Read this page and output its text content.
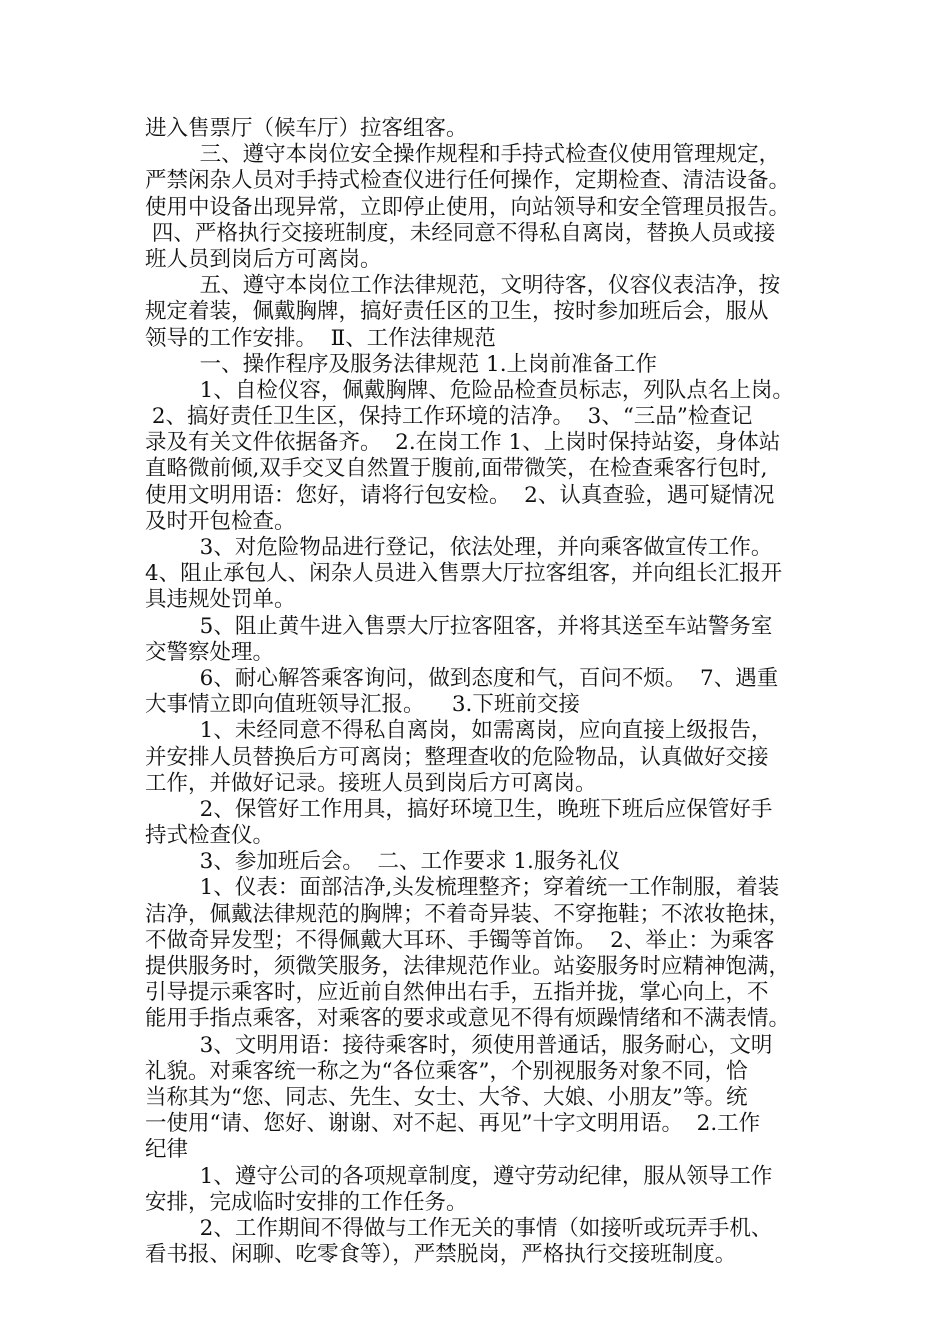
进入售票厅（候车厅）拉客组客。
三、遵守本岗位安全操作规程和手持式检查仪使用管理规定，
严禁闲杂人员对手持式检查仪进行任何操作，定期检查、清洁设备。
使用中设备出现异常，立即停止使用，向站领导和安全管理员报告。
四、严格执行交接班制度，未经同意不得私自离岗，替换人员或接
班人员到岗后方可离岗。
五、遵守本岗位工作法律规范，文明待客，仪容仪表洁净，按
规定着装，佩戴胸牌，搞好责任区的卫生，按时参加班后会，服从
领导的工作安排。  Ⅱ、工作法律规范
一、操作程序及服务法律规范 1.上岗前准备工作
1、自检仪容，佩戴胸牌、危险品检查员标志，列队点名上岗。
2、搞好责任卫生区，保持工作环境的洁净。  3、“三品”检查记
录及有关文件依据备齐。  2.在岗工作 1、上岗时保持站姿，身体站
直略微前倾,双手交叉自然置于腹前,面带微笑，在检查乘客行包时,
使用文明用语：您好，请将行包安检。  2、认真查验，遇可疑情况
及时开包检查。
3、对危险物品进行登记，依法处理，并向乘客做宣传工作。
4、阻止承包人、闲杂人员进入售票大厅拉客组客，并向组长汇报开
具违规处罚单。
5、阻止黄牛进入售票大厅拉客阻客，并将其送至车站警务室
交警察处理。
6、耐心解答乘客询问，做到态度和气，百问不烦。  7、遇重
大事情立即向值班领导汇报。    3.下班前交接
1、未经同意不得私自离岗，如需离岗，应向直接上级报告，
并安排人员替换后方可离岗；整理查收的危险物品，认真做好交接
工作，并做好记录。接班人员到岗后方可离岗。
2、保管好工作用具，搞好环境卫生，晚班下班后应保管好手
持式检查仪。
3、参加班后会。  二、工作要求 1.服务礼仪
1、仪表：面部洁净,头发梳理整齐；穿着统一工作制服，着装
洁净，佩戴法律规范的胸牌；不着奇异装、不穿拖鞋；不浓妆艳抹，
不做奇异发型；不得佩戴大耳环、手镯等首饰。  2、举止：为乘客
提供服务时，须微笑服务，法律规范作业。站姿服务时应精神饱满，
引导提示乘客时，应近前自然伸出右手，五指并拢，掌心向上，不
能用手指点乘客，对乘客的要求或意见不得有烦躁情绪和不满表情。
3、文明用语：接待乘客时，须使用普通话，服务耐心，文明
礼貌。对乘客统一称之为“各位乘客”，个别视服务对象不同，恰
当称其为“您、同志、先生、女士、大爷、大娘、小朋友”等。统
一使用“请、您好、谢谢、对不起、再见”十字文明用语。  2.工作
纪律
1、遵守公司的各项规章制度，遵守劳动纪律，服从领导工作
安排，完成临时安排的工作任务。
2、工作期间不得做与工作无关的事情（如接听或玩弄手机、
看书报、闲聊、吃零食等），严禁脱岗，严格执行交接班制度。
